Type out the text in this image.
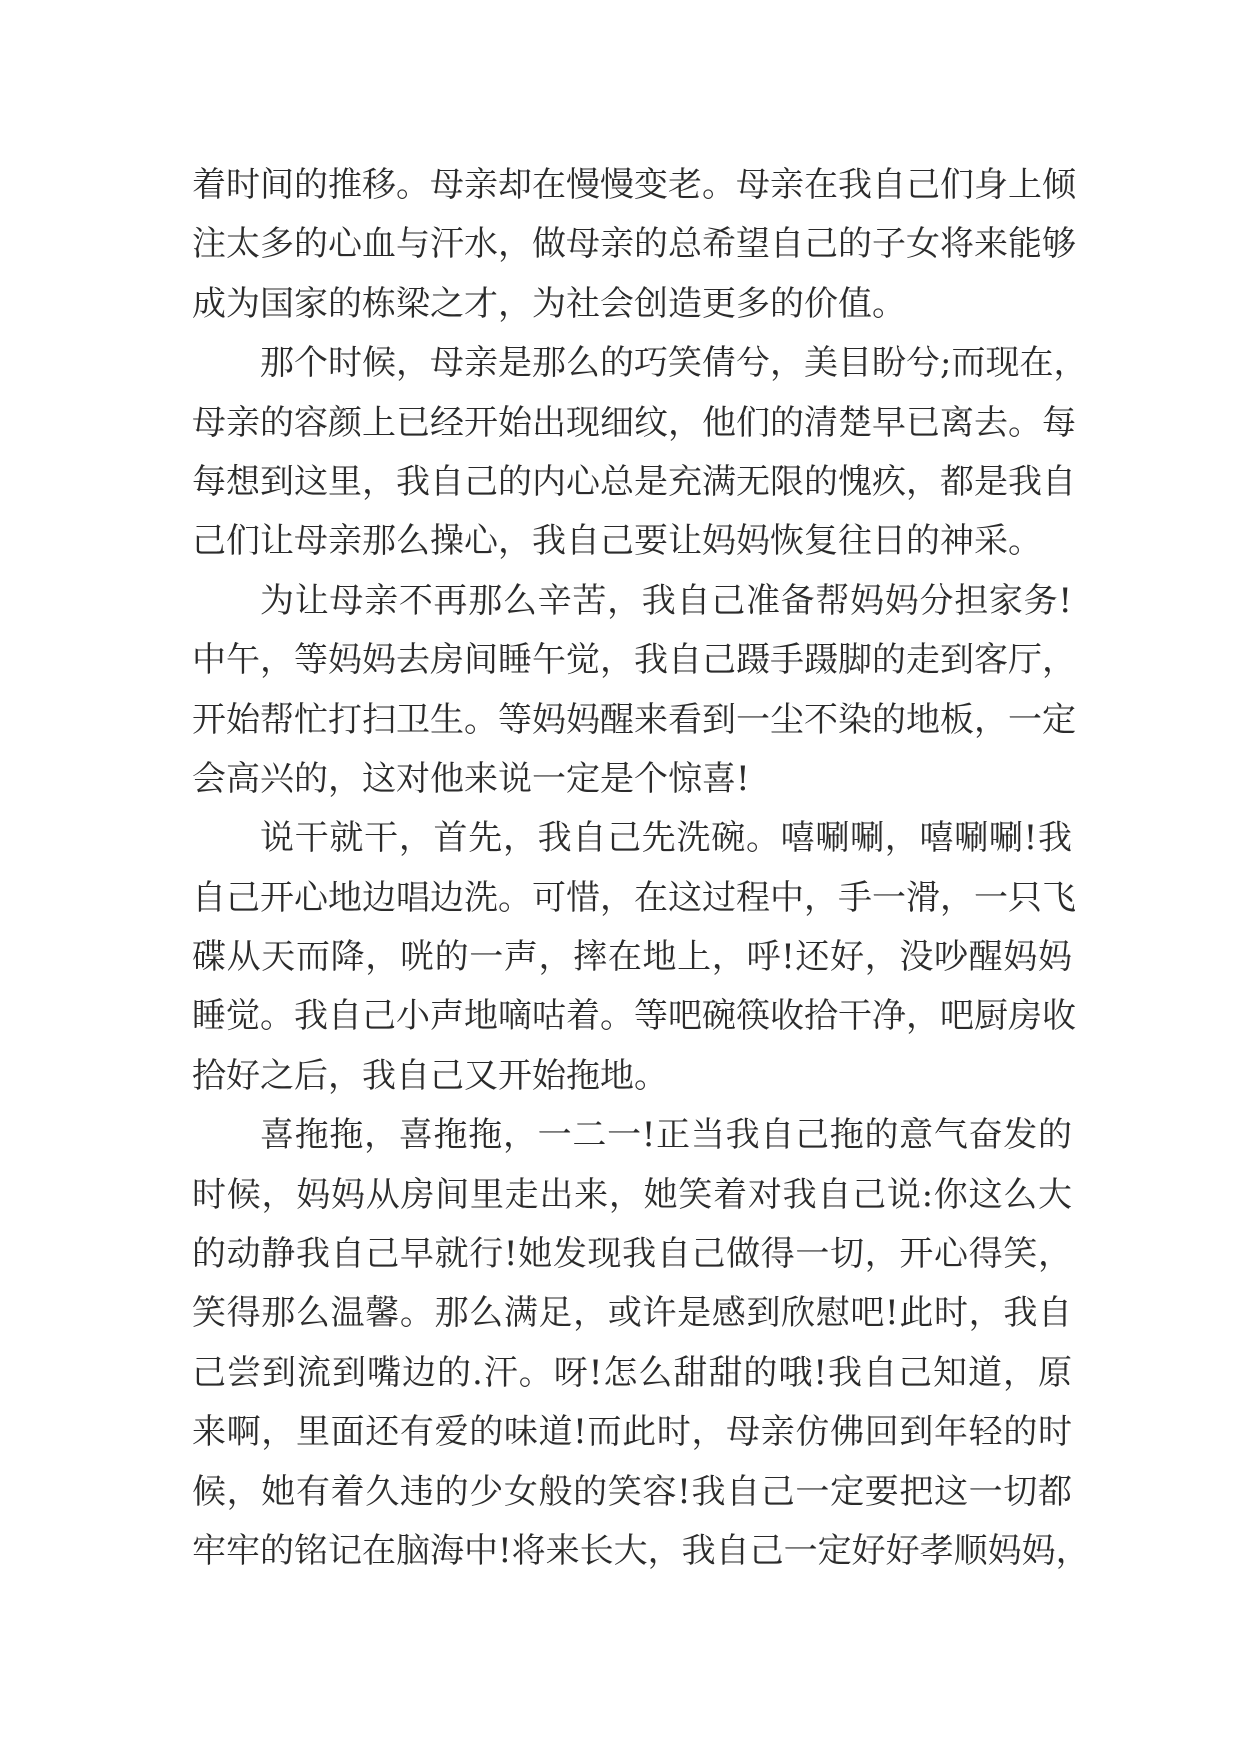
着时间的推移。母亲却在慢慢变老。母亲在我自己们身上倾
注太多的心血与汗水，做母亲的总希望自己的子女将来能够
成为国家的栋梁之才，为社会创造更多的价值。
那个时候，母亲是那么的巧笑倩兮，美目盼兮;而现在，
母亲的容颜上已经开始出现细纹，他们的清楚早已离去。每
每想到这里，我自己的内心总是充满无限的愧疚，都是我自
己们让母亲那么操心，我自己要让妈妈恢复往日的神采。
为让母亲不再那么辛苦，我自己准备帮妈妈分担家务!
中午，等妈妈去房间睡午觉，我自己蹑手蹑脚的走到客厅，
开始帮忙打扫卫生。等妈妈醒来看到一尘不染的地板，一定
会高兴的，这对他来说一定是个惊喜!
说干就干，首先，我自己先洗碗。嘻唰唰，嘻唰唰!我
自己开心地边唱边洗。可惜，在这过程中，手一滑，一只飞
碟从天而降，咣的一声，摔在地上，呼!还好，没吵醒妈妈
睡觉。我自己小声地嘀咕着。等吧碗筷收拾干净，吧厨房收
拾好之后，我自己又开始拖地。
喜拖拖，喜拖拖，一二一!正当我自己拖的意气奋发的
时候，妈妈从房间里走出来，她笑着对我自己说:你这么大
的动静我自己早就行!她发现我自己做得一切，开心得笑，
笑得那么温馨。那么满足，或许是感到欣慰吧!此时，我自
己尝到流到嘴边的.汗。呀!怎么甜甜的哦!我自己知道，原
来啊，里面还有爱的味道!而此时，母亲仿佛回到年轻的时
候，她有着久违的少女般的笑容!我自己一定要把这一切都
牢牢的铭记在脑海中!将来长大，我自己一定好好孝顺妈妈，
